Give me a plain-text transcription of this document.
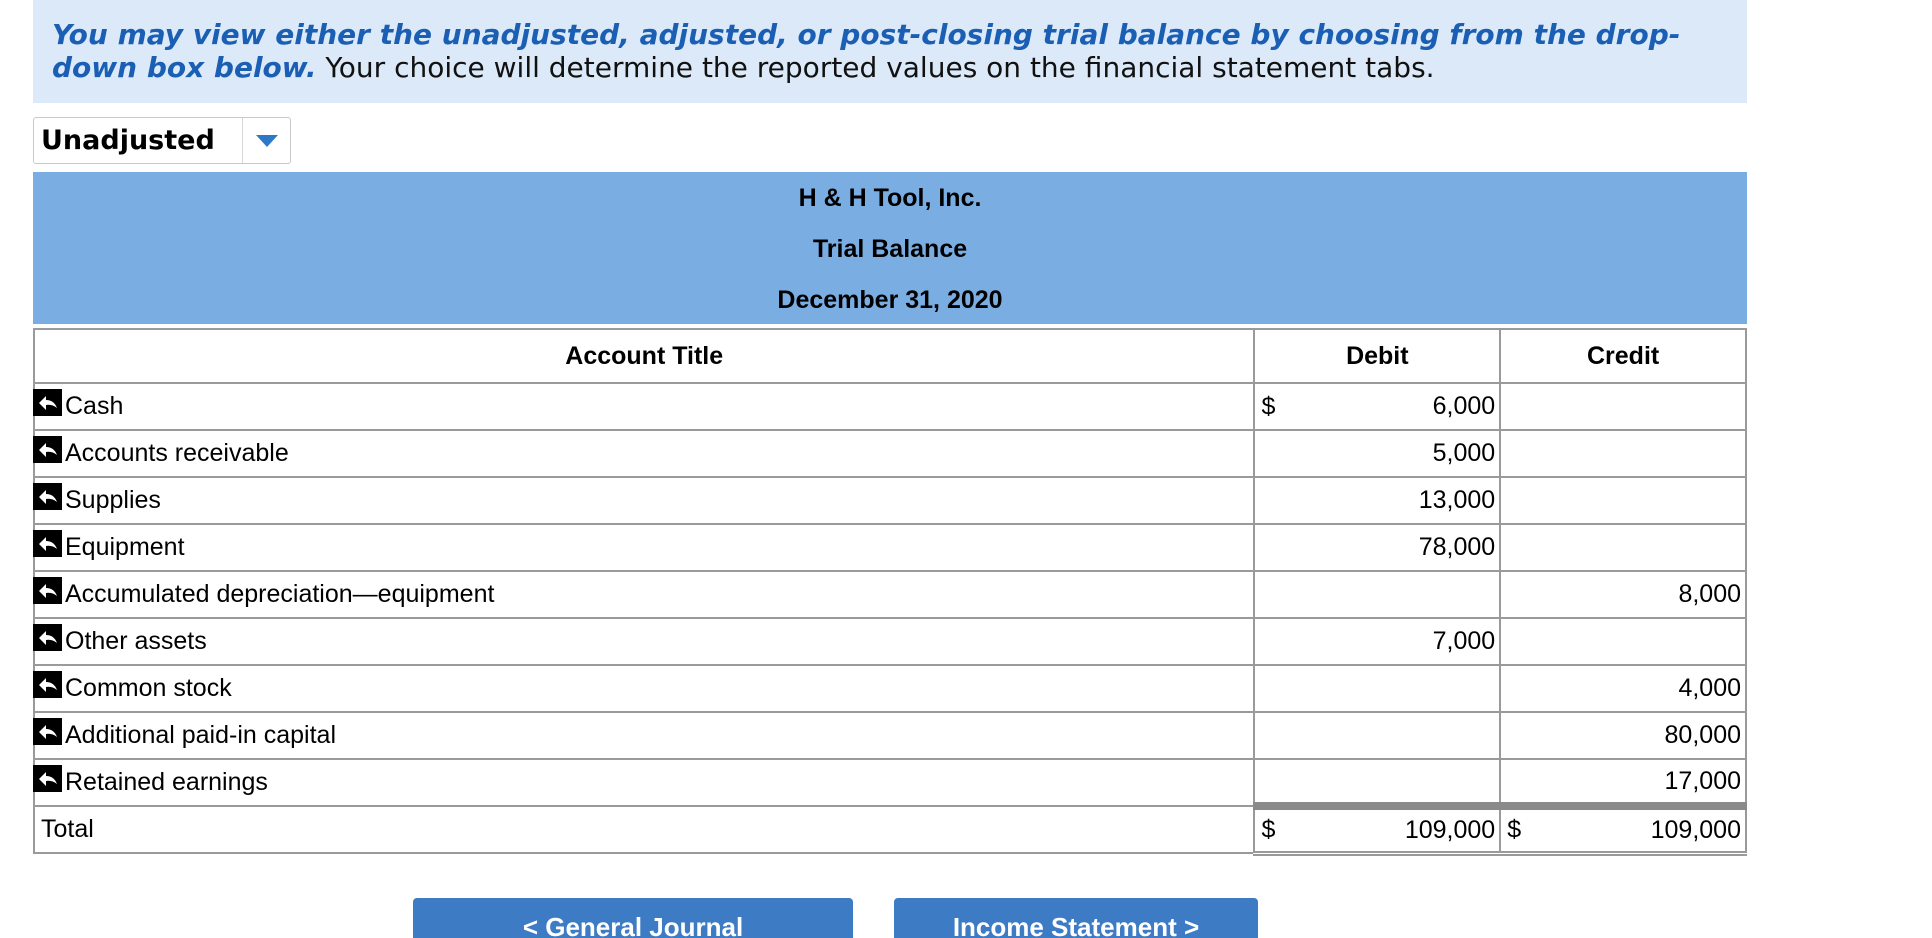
You may view either the unadjusted, adjusted, or post-closing trial balance by choosing from the drop-down box below. Your choice will determine the reported values on the financial statement tabs.
Unadjusted
H & H Tool, Inc.
Trial Balance
December 31, 2020
Account Title	Debit	Credit

Cash	$ 6,000	

Accounts receivable	5,000	

Supplies	13,000	

Equipment	78,000	

Accumulated depreciation—equipment		8,000

Other assets	7,000	

Common stock		4,000

Additional paid-in capital		80,000

Retained earnings		17,000
Total	$ 109,000	$ 109,000
< General Journal	Income Statement >
